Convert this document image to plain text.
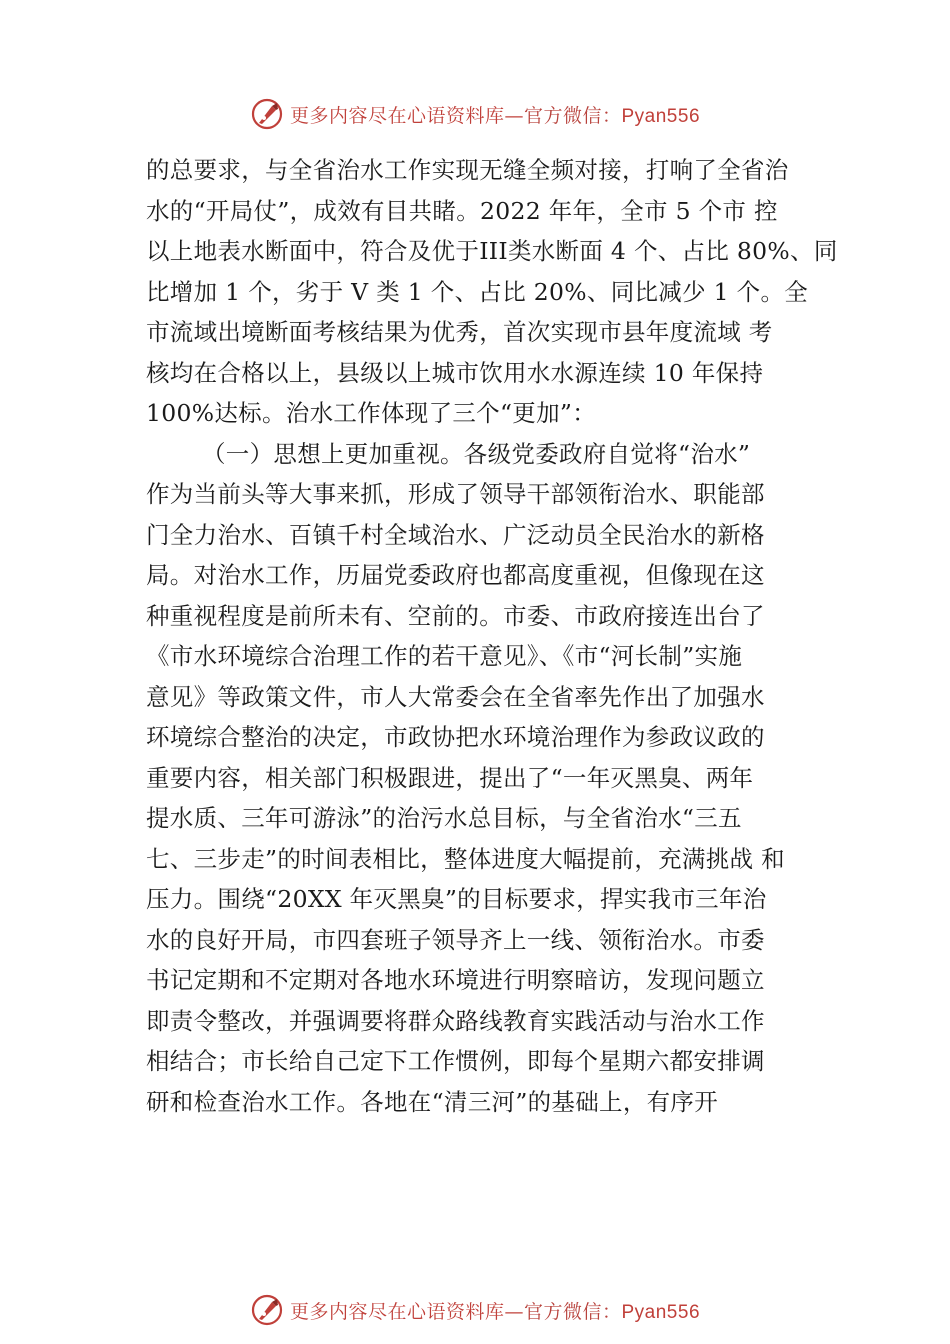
更多内容尽在心语资料库—官方微信：Pyan556
的总要求，与全省治水工作实现无缝全频对接，打响了全省治
水的“开局仗”，成效有目共睹。2022 年年，全市 5 个市 控
以上地表水断面中，符合及优于III类水断面 4 个、占比 80%、同
比增加 1 个，劣于 V 类 1 个、占比 20%、同比减少 1 个。全
市流域出境断面考核结果为优秀，首次实现市县年度流域 考
核均在合格以上，县级以上城市饮用水水源连续 10 年保持
100%达标。治水工作体现了三个“更加”：
（一）思想上更加重视。各级党委政府自觉将“治水”
作为当前头等大事来抓，形成了领导干部领衔治水、职能部
门全力治水、百镇千村全域治水、广泛动员全民治水的新格
局。对治水工作，历届党委政府也都高度重视，但像现在这
种重视程度是前所未有、空前的。市委、市政府接连出台了
《市水环境综合治理工作的若干意见》、《市“河长制”实施
意见》等政策文件，市人大常委会在全省率先作出了加强水
环境综合整治的决定，市政协把水环境治理作为参政议政的
重要内容，相关部门积极跟进，提出了“一年灭黑臭、两年
提水质、三年可游泳”的治污水总目标，与全省治水“三五
七、三步走”的时间表相比，整体进度大幅提前，充满挑战 和
压力。围绕“20XX 年灭黑臭”的目标要求，捍实我市三年治
水的良好开局，市四套班子领导齐上一线、领衔治水。市委
书记定期和不定期对各地水环境进行明察暗访，发现问题立
即责令整改，并强调要将群众路线教育实践活动与治水工作
相结合；市长给自己定下工作惯例，即每个星期六都安排调
研和检查治水工作。各地在“清三河”的基础上，有序开
更多内容尽在心语资料库—官方微信：Pyan556
